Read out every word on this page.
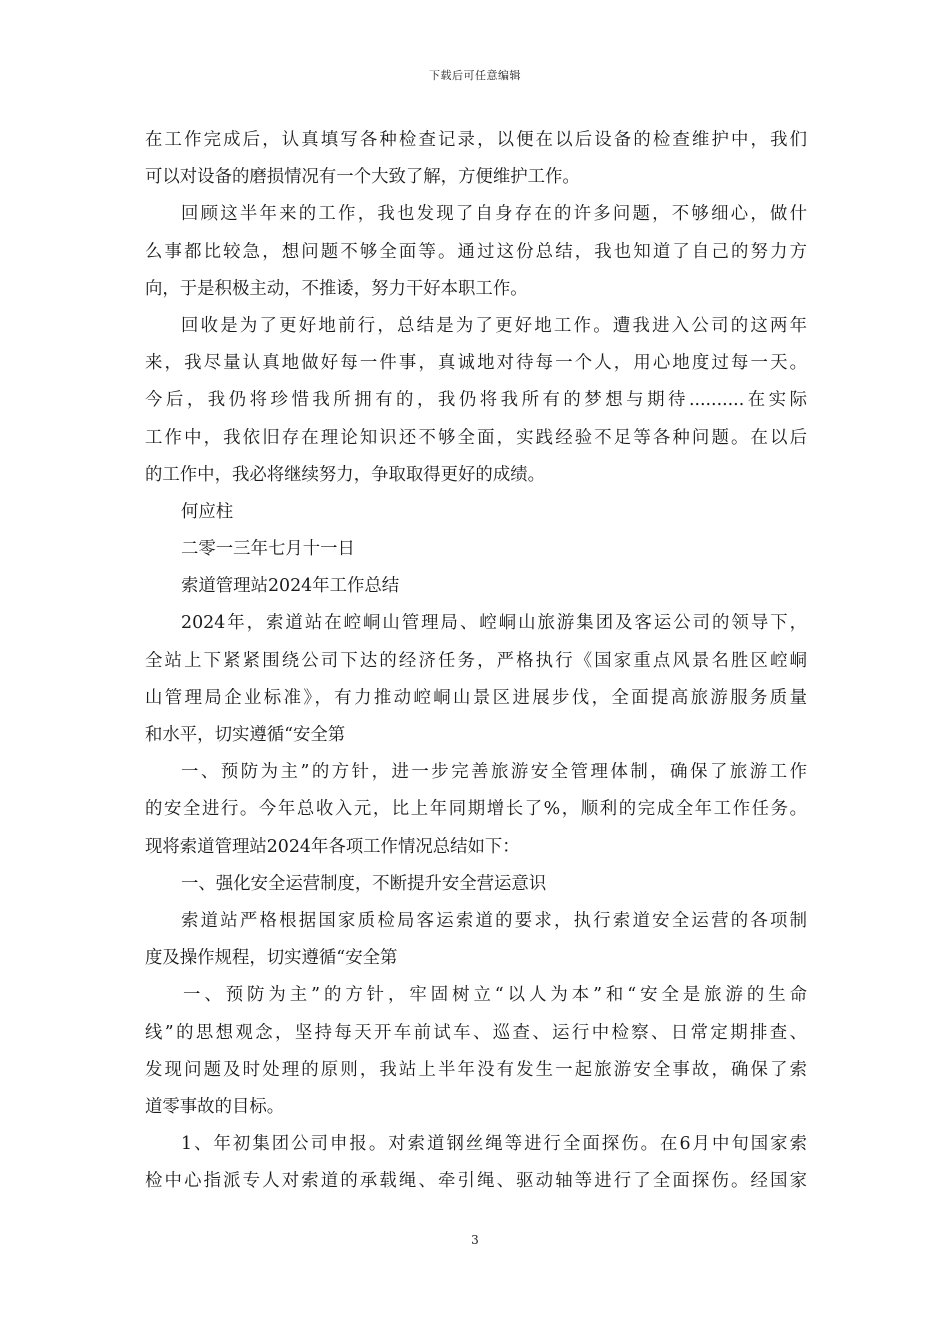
下载后可任意编辑
在工作完成后，认真填写各种检查记录，以便在以后设备的检查维护中，我们
可以对设备的磨损情况有一个大致了解，方便维护工作。
回顾这半年来的工作，我也发现了自身存在的许多问题，不够细心，做什
么事都比较急，想问题不够全面等。通过这份总结，我也知道了自己的努力方
向，于是积极主动，不推诿，努力干好本职工作。
回收是为了更好地前行，总结是为了更好地工作。遭我进入公司的这两年
来，我尽量认真地做好每一件事，真诚地对待每一个人，用心地度过每一天。
今后，我仍将珍惜我所拥有的，我仍将我所有的梦想与期待..........在实际
工作中，我依旧存在理论知识还不够全面，实践经验不足等各种问题。在以后
的工作中，我必将继续努力，争取取得更好的成绩。
何应柱
二零一三年七月十一日
索道管理站2024年工作总结
2024年，索道站在崆峒山管理局、崆峒山旅游集团及客运公司的领导下，
全站上下紧紧围绕公司下达的经济任务，严格执行《国家重点风景名胜区崆峒
山管理局企业标准》，有力推动崆峒山景区进展步伐，全面提高旅游服务质量
和水平，切实遵循“安全第
一、预防为主”的方针，进一步完善旅游安全管理体制，确保了旅游工作
的安全进行。今年总收入元，比上年同期增长了%，顺利的完成全年工作任务。
现将索道管理站2024年各项工作情况总结如下：
一、强化安全运营制度，不断提升安全营运意识
索道站严格根据国家质检局客运索道的要求，执行索道安全运营的各项制
度及操作规程，切实遵循“安全第
一、预防为主”的方针，牢固树立“以人为本”和“安全是旅游的生命
线”的思想观念，坚持每天开车前试车、巡查、运行中检察、日常定期排查、
发现问题及时处理的原则，我站上半年没有发生一起旅游安全事故，确保了索
道零事故的目标。
1、年初集团公司申报。对索道钢丝绳等进行全面探伤。在6月中旬国家索
检中心指派专人对索道的承载绳、牵引绳、驱动轴等进行了全面探伤。经国家
3
